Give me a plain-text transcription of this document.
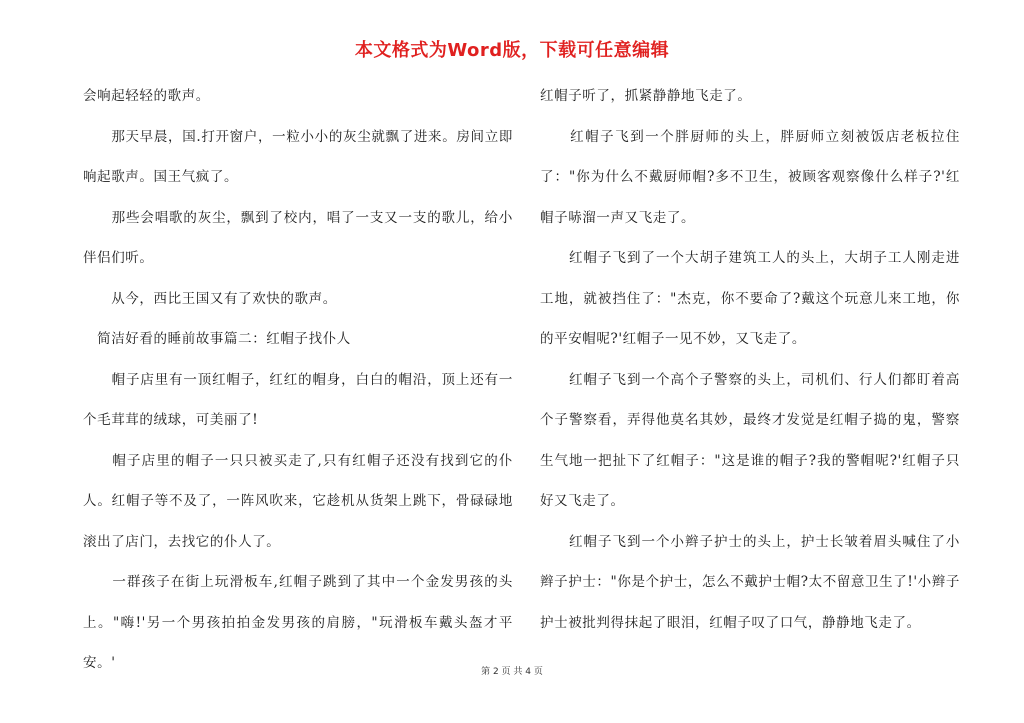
本文格式为Word版，下载可任意编辑

会响起轻轻的歌声。

　　那天早晨，国.打开窗户，一粒小小的灰尘就飘了进来。房间立即响起歌声。国王气疯了。

　　那些会唱歌的灰尘，飘到了校内，唱了一支又一支的歌儿，给小伴侣们听。

　　从今，西比王国又有了欢快的歌声。

　简洁好看的睡前故事篇二：红帽子找仆人

　　帽子店里有一顶红帽子，红红的帽身，白白的帽沿，顶上还有一个毛茸茸的绒球，可美丽了!

　　帽子店里的帽子一只只被买走了,只有红帽子还没有找到它的仆人。红帽子等不及了，一阵风吹来，它趁机从货架上跳下，骨碌碌地滚出了店门，去找它的仆人了。

　　一群孩子在街上玩滑板车,红帽子跳到了其中一个金发男孩的头上。"嗨!'另一个男孩拍拍金发男孩的肩膀，"玩滑板车戴头盔才平安。'

红帽子听了，抓紧静静地飞走了。

　　红帽子飞到一个胖厨师的头上，胖厨师立刻被饭店老板拉住了："你为什么不戴厨师帽?多不卫生，被顾客观察像什么样子?'红帽子哧溜一声又飞走了。

　　红帽子飞到了一个大胡子建筑工人的头上，大胡子工人刚走进工地，就被挡住了："杰克，你不要命了?戴这个玩意儿来工地，你的平安帽呢?'红帽子一见不妙，又飞走了。

　　红帽子飞到一个高个子警察的头上，司机们、行人们都盯着高个子警察看，弄得他莫名其妙，最终才发觉是红帽子捣的鬼，警察生气地一把扯下了红帽子："这是谁的帽子?我的警帽呢?'红帽子只好又飞走了。

　　红帽子飞到一个小辫子护士的头上，护士长皱着眉头喊住了小辫子护士："你是个护士，怎么不戴护士帽?太不留意卫生了!'小辫子护士被批判得抹起了眼泪，红帽子叹了口气，静静地飞走了。

第 2 页 共 4 页
